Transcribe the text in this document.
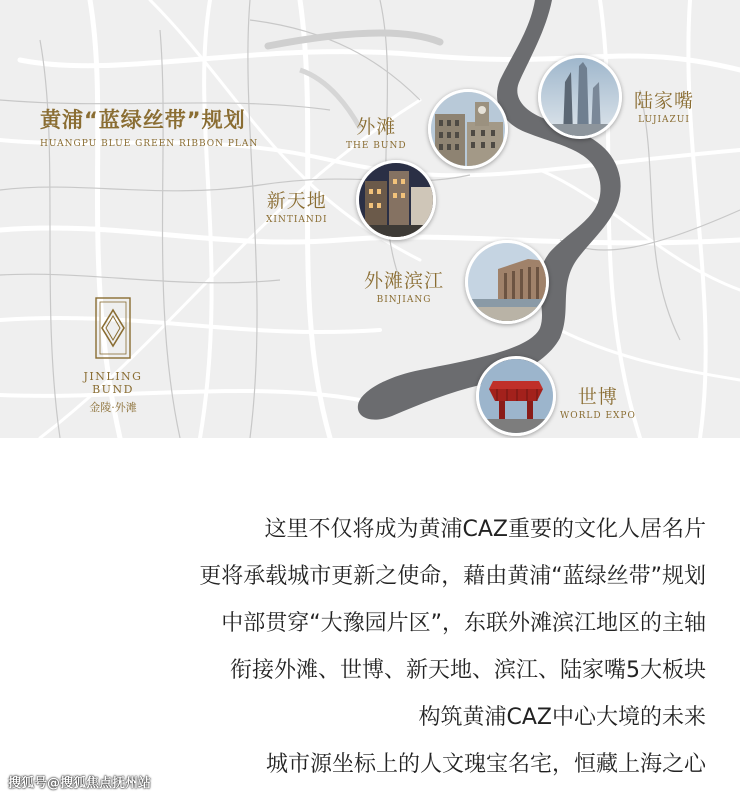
黄浦“蓝绿丝带”规划
HUANGPU BLUE GREEN RIBBON PLAN
JINLING BUND
金陵·外滩
外滩
THE BUND
陆家嘴
LUJIAZUI
新天地
XINTIANDI
外滩滨江
BINJIANG
世博
WORLD EXPO

这里不仅将成为黄浦CAZ重要的文化人居名片

更将承载城市更新之使命，藉由黄浦“蓝绿丝带”规划

中部贯穿“大豫园片区”，东联外滩滨江地区的主轴

衔接外滩、世博、新天地、滨江、陆家嘴5大板块

构筑黄浦CAZ中心大境的未来

城市源坐标上的人文瑰宝名宅，恒藏上海之心

搜狐号@搜狐焦点抚州站
